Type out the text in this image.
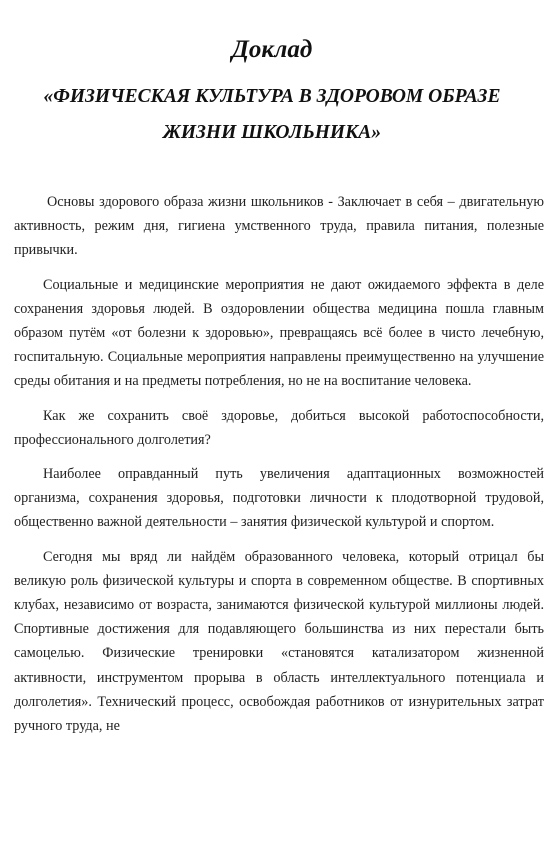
Доклад
«ФИЗИЧЕСКАЯ КУЛЬТУРА В ЗДОРОВОМ ОБРАЗЕ
ЖИЗНИ ШКОЛЬНИКА»

Основы здорового образа жизни школьников - Заключает в себя – двигательную активность, режим дня, гигиена умственного труда, правила питания, полезные привычки.

Социальные и медицинские мероприятия не дают ожидаемого эффекта в деле сохранения здоровья людей. В оздоровлении общества медицина пошла главным образом путём «от болезни к здоровью», превращаясь всё более в чисто лечебную, госпитальную. Социальные мероприятия направлены преимущественно на улучшение среды обитания и на предметы потребления, но не на воспитание человека.

Как же сохранить своё здоровье, добиться высокой работоспособности, профессионального долголетия?

Наиболее оправданный путь увеличения адаптационных возможностей организма, сохранения здоровья, подготовки личности к плодотворной трудовой, общественно важной деятельности – занятия физической культурой и спортом.

Сегодня мы вряд ли найдём образованного человека, который отрицал бы великую роль физической культуры и спорта в современном обществе. В спортивных клубах, независимо от возраста, занимаются физической культурой миллионы людей. Спортивные достижения для подавляющего большинства из них перестали быть самоцелью. Физические тренировки «становятся катализатором жизненной активности, инструментом прорыва в область интеллектуального потенциала и долголетия». Технический процесс, освобождая работников от изнурительных затрат ручного труда, не
